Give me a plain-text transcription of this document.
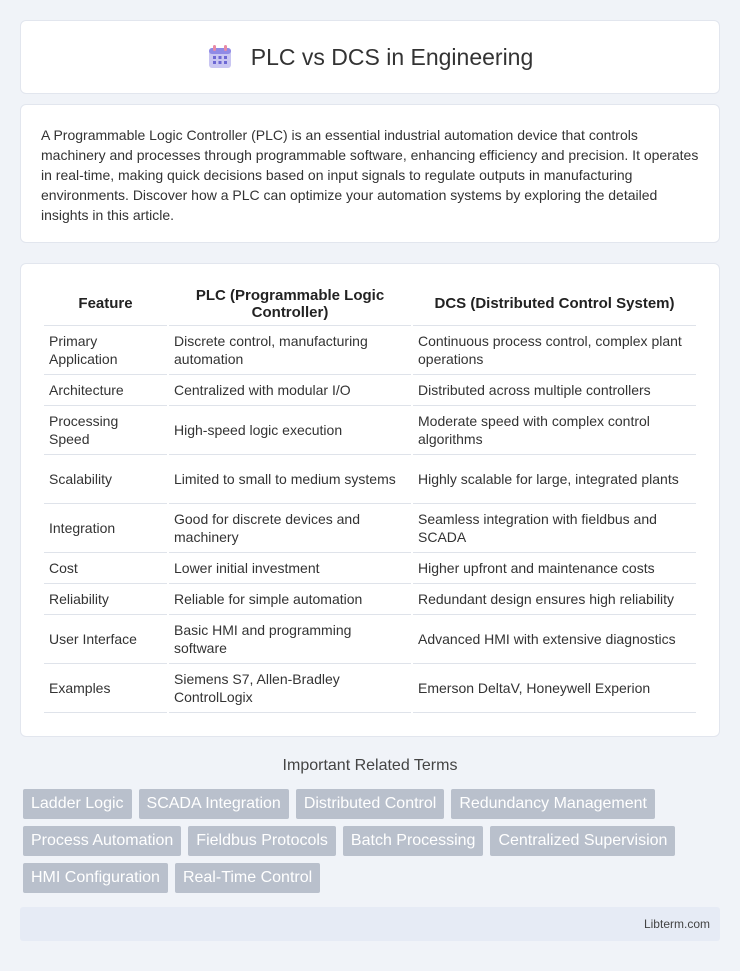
PLC vs DCS in Engineering

A Programmable Logic Controller (PLC) is an essential industrial automation device that controls machinery and processes through programmable software, enhancing efficiency and precision. It operates in real-time, making quick decisions based on input signals to regulate outputs in manufacturing environments. Discover how a PLC can optimize your automation systems by exploring the detailed insights in this article.

Feature	PLC (Programmable Logic Controller)	DCS (Distributed Control System)
Primary Application	Discrete control, manufacturing automation	Continuous process control, complex plant operations
Architecture	Centralized with modular I/O	Distributed across multiple controllers
Processing Speed	High-speed logic execution	Moderate speed with complex control algorithms
Scalability	Limited to small to medium systems	Highly scalable for large, integrated plants
Integration	Good for discrete devices and machinery	Seamless integration with fieldbus and SCADA
Cost	Lower initial investment	Higher upfront and maintenance costs
Reliability	Reliable for simple automation	Redundant design ensures high reliability
User Interface	Basic HMI and programming software	Advanced HMI with extensive diagnostics
Examples	Siemens S7, Allen-Bradley ControlLogix	Emerson DeltaV, Honeywell Experion
Important Related Terms
Ladder Logic	SCADA Integration	Distributed Control	Redundancy Management
Process Automation	Fieldbus Protocols	Batch Processing	Centralized Supervision
HMI Configuration	Real-Time Control
Libterm.com
